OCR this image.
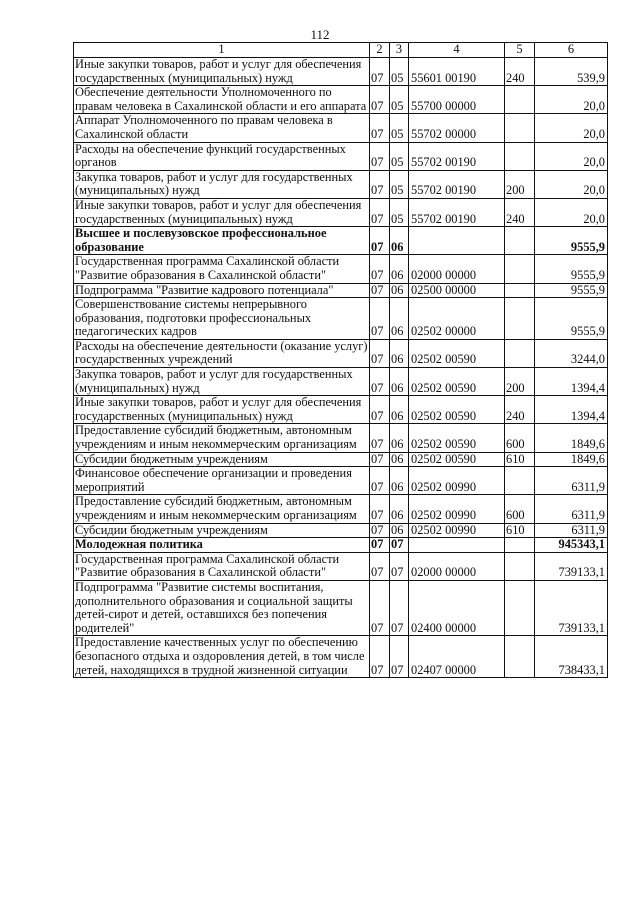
112
1	2	3	4	5	6
Иные закупки товаров, работ и услуг для обеспечения государственных (муниципальных) нужд	07	05	55601 00190	240	539,9
Обеспечение деятельности Уполномоченного по правам человека в Сахалинской области и его аппарата	07	05	55700 00000		20,0
Аппарат Уполномоченного по правам человека в Сахалинской области	07	05	55702 00000		20,0
Расходы на обеспечение функций государственных органов	07	05	55702 00190		20,0
Закупка товаров, работ и услуг для государственных (муниципальных) нужд	07	05	55702 00190	200	20,0
Иные закупки товаров, работ и услуг для обеспечения государственных (муниципальных) нужд	07	05	55702 00190	240	20,0
Высшее и послевузовское профессиональное образование	07	06			9555,9
Государственная программа Сахалинской области "Развитие образования в Сахалинской области"	07	06	02000 00000		9555,9
Подпрограмма "Развитие кадрового потенциала"	07	06	02500 00000		9555,9
Совершенствование системы непрерывного образования, подготовки профессиональных педагогических кадров	07	06	02502 00000		9555,9
Расходы на обеспечение деятельности (оказание услуг) государственных учреждений	07	06	02502 00590		3244,0
Закупка товаров, работ и услуг для государственных (муниципальных) нужд	07	06	02502 00590	200	1394,4
Иные закупки товаров, работ и услуг для обеспечения государственных (муниципальных) нужд	07	06	02502 00590	240	1394,4
Предоставление субсидий бюджетным, автономным учреждениям и иным некоммерческим организациям	07	06	02502 00590	600	1849,6
Субсидии бюджетным учреждениям	07	06	02502 00590	610	1849,6
Финансовое обеспечение организации и проведения мероприятий	07	06	02502 00990		6311,9
Предоставление субсидий бюджетным, автономным учреждениям и иным некоммерческим организациям	07	06	02502 00990	600	6311,9
Субсидии бюджетным учреждениям	07	06	02502 00990	610	6311,9
Молодежная политика	07	07			945343,1
Государственная программа Сахалинской области "Развитие образования в Сахалинской области"	07	07	02000 00000		739133,1
Подпрограмма "Развитие системы воспитания, дополнительного образования и социальной защиты детей-сирот и детей, оставшихся без попечения родителей"	07	07	02400 00000		739133,1
Предоставление качественных услуг по обеспечению безопасного отдыха и оздоровления детей, в том числе детей, находящихся в трудной жизненной ситуации	07	07	02407 00000		738433,1
